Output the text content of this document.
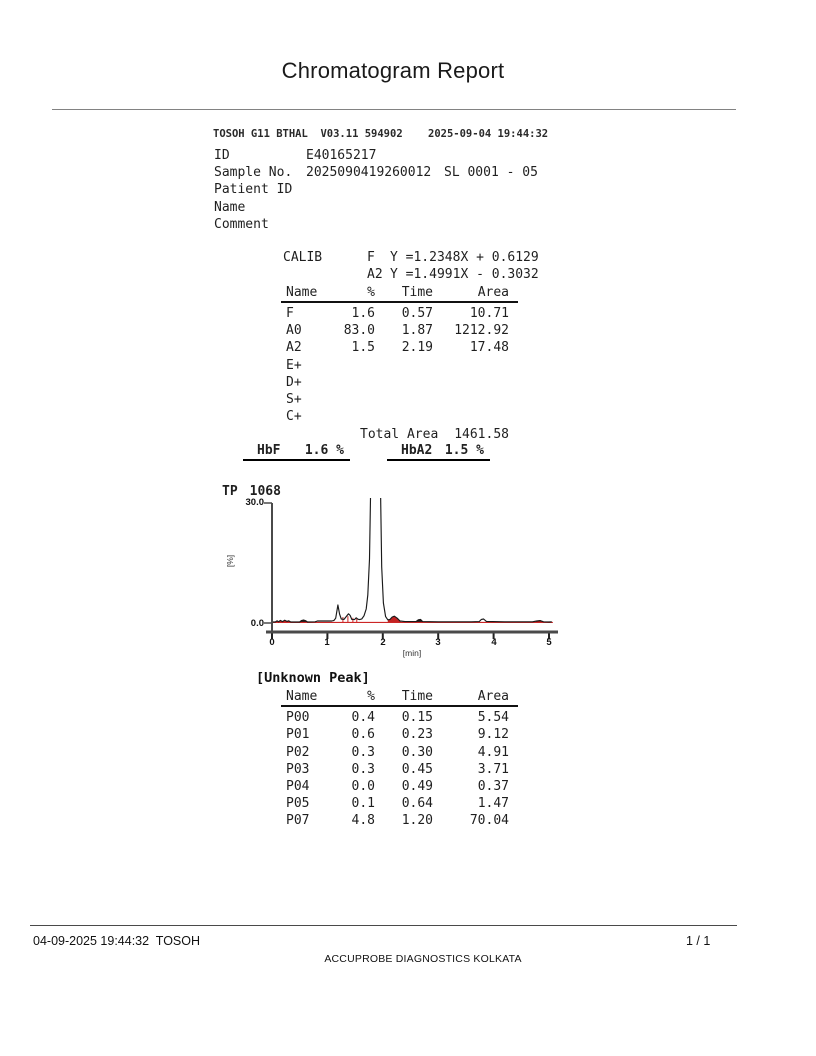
Chromatogram Report
TOSOH G11 BTHAL  V03.11 594902 2025-09-04 19:44:32
ID	E40165217
Sample No. 2025090419260012 SL 0001 - 05
Patient ID
Name
Comment
CALIB	F Y =1.2348X + 0.6129
A2 Y =1.4991X - 0.3032
Name	%	Time	Area
F	1.6	0.57	10.71
A0	83.0	1.87	1212.92
A2	1.5	2.19	17.48
E+
D+
S+
C+
Total Area	1461.58
HbF 1.6 %	HbA2 1.5 %
TP 1068
30.0
0.0
[%]
0	1	2	3	4	5
[min]
[Unknown Peak]
Name	%	Time	Area
P00	0.4	0.15	5.54
P01	0.6	0.23	9.12
P02	0.3	0.30	4.91
P03	0.3	0.45	3.71
P04	0.0	0.49	0.37
P05	0.1	0.64	1.47
P07	4.8	1.20	70.04
04-09-2025 19:44:32  TOSOH	1 / 1
ACCUPROBE DIAGNOSTICS KOLKATA
